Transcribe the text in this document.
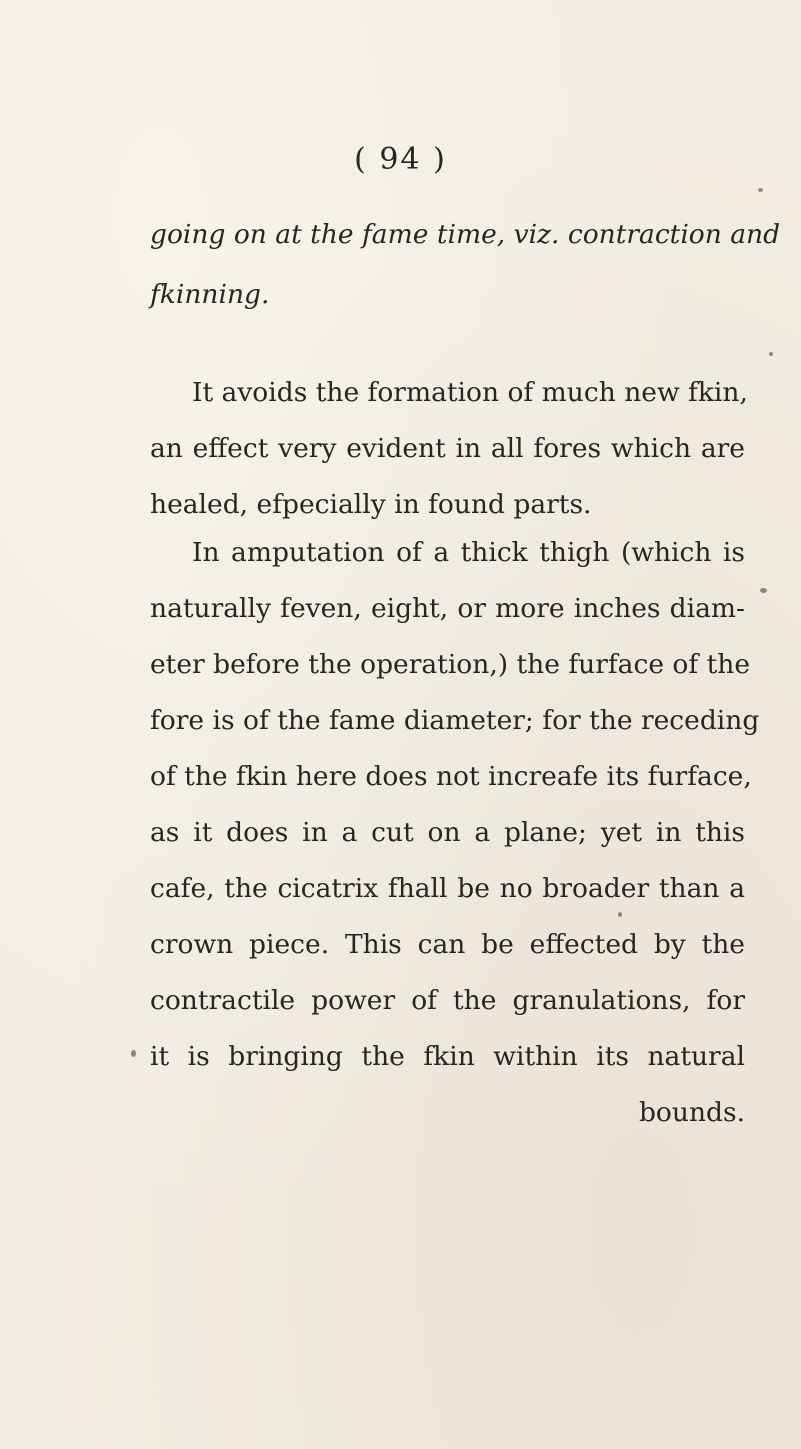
( 94 )
going on at the fame time, viz. contraction and
fkinning.
It avoids the formation of much new fkin,
an effect very evident in all fores which are
healed, efpecially in found parts.
In amputation of a thick thigh (which is
naturally feven, eight, or more inches diam-
eter before the operation,) the furface of the
fore is of the fame diameter; for the receding
of the fkin here does not increafe its furface,
as it does in a cut on a plane; yet in this
cafe, the cicatrix fhall be no broader than a
crown piece. This can be effected by the
contractile power of the granulations, for
it is bringing the fkin within its natural
bounds.
